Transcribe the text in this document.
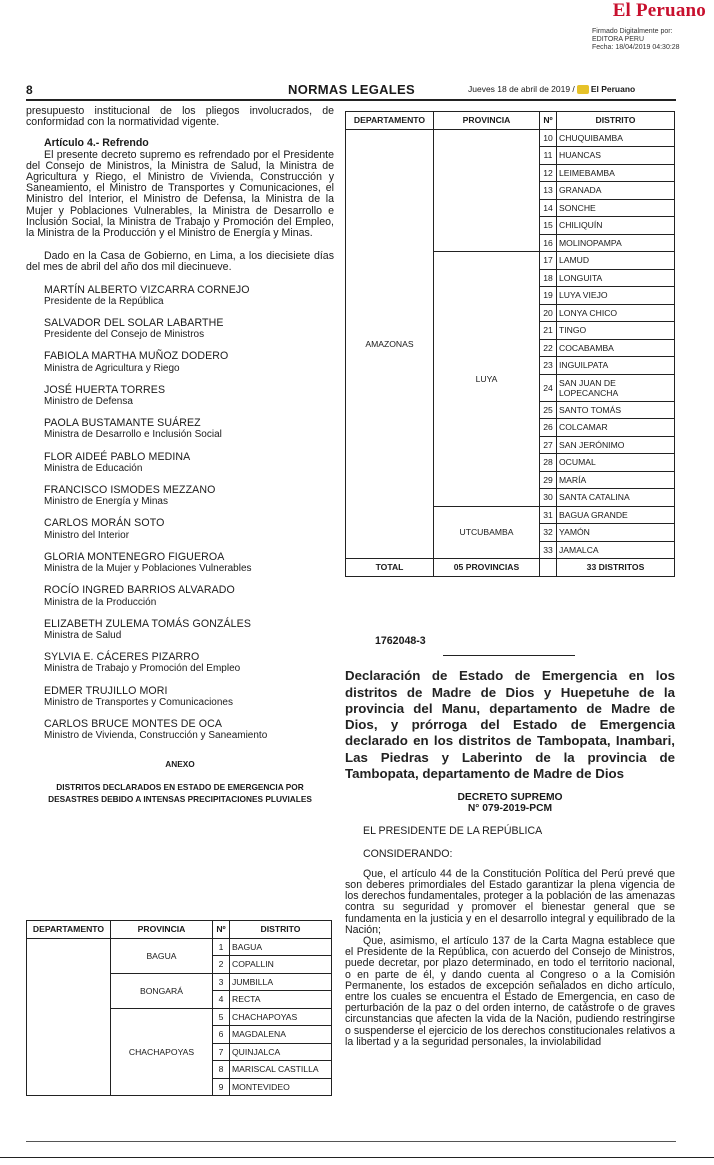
El Peruano
Firmado Digitalmente por:
EDITORA PERU
Fecha: 18/04/2019 04:30:28
8	NORMAS LEGALES	Jueves 18 de abril de 2019 / El Peruano

presupuesto institucional de los pliegos involucrados, de conformidad con la normatividad vigente.

Artículo 4.- Refrendo

El presente decreto supremo es refrendado por el Presidente del Consejo de Ministros, la Ministra de Salud, la Ministra de Agricultura y Riego, el Ministro de Vivienda, Construcción y Saneamiento, el Ministro de Transportes y Comunicaciones, el Ministro del Interior, el Ministro de Defensa, la Ministra de la Mujer y Poblaciones Vulnerables, la Ministra de Desarrollo e Inclusión Social, la Ministra de Trabajo y Promoción del Empleo, la Ministra de la Producción y el Ministro de Energía y Minas.

Dado en la Casa de Gobierno, en Lima, a los diecisiete días del mes de abril del año dos mil diecinueve.

MARTÍN ALBERTO VIZCARRA CORNEJO
Presidente de la República
SALVADOR DEL SOLAR LABARTHE
Presidente del Consejo de Ministros
FABIOLA MARTHA MUÑOZ DODERO
Ministra de Agricultura y Riego
JOSÉ HUERTA TORRES
Ministro de Defensa
PAOLA BUSTAMANTE SUÁREZ
Ministra de Desarrollo e Inclusión Social
FLOR AIDEÉ PABLO MEDINA
Ministra de Educación
FRANCISCO ISMODES MEZZANO
Ministro de Energía y Minas
CARLOS MORÁN SOTO
Ministro del Interior
GLORIA MONTENEGRO FIGUEROA
Ministra de la Mujer y Poblaciones Vulnerables
ROCÍO INGRED BARRIOS ALVARADO
Ministra de la Producción
ELIZABETH ZULEMA TOMÁS GONZÁLES
Ministra de Salud
SYLVIA E. CÁCERES PIZARRO
Ministra de Trabajo y Promoción del Empleo
EDMER TRUJILLO MORI
Ministro de Transportes y Comunicaciones
CARLOS BRUCE MONTES DE OCA
Ministro de Vivienda, Construcción y Saneamiento
ANEXO
DISTRITOS DECLARADOS EN ESTADO DE EMERGENCIA POR
DESASTRES DEBIDO A INTENSAS PRECIPITACIONES PLUVIALES
DEPARTAMENTO	PROVINCIA	Nº	DISTRITO
	BAGUA	1	BAGUA
		2	COPALLIN
	BONGARÁ	3	JUMBILLA
		4	RECTA
	CHACHAPOYAS	5	CHACHAPOYAS
		6	MAGDALENA
		7	QUINJALCA
		8	MARISCAL CASTILLA
		9	MONTEVIDEO
DEPARTAMENTO	PROVINCIA	Nº	DISTRITO
AMAZONAS		10	CHUQUIBAMBA
		11	HUANCAS
		12	LEIMEBAMBA
		13	GRANADA
		14	SONCHE
		15	CHILIQUÍN
		16	MOLINOPAMPA
	LUYA	17	LAMUD
		18	LONGUITA
		19	LUYA VIEJO
		20	LONYA CHICO
		21	TINGO
		22	COCABAMBA
		23	INGUILPATA
		24	SAN JUAN DE LOPECANCHA
		25	SANTO TOMÁS
		26	COLCAMAR
		27	SAN JERÓNIMO
		28	OCUMAL
		29	MARÍA
		30	SANTA CATALINA
	UTCUBAMBA	31	BAGUA GRANDE
		32	YAMÓN
		33	JAMALCA
TOTAL	05 PROVINCIAS		33 DISTRITOS
1762048-3
Declaración de Estado de Emergencia en los distritos de Madre de Dios y Huepetuhe de la provincia del Manu, departamento de Madre de Dios, y prórroga del Estado de Emergencia declarado en los distritos de Tambopata, Inambari, Las Piedras y Laberinto de la provincia de Tambopata, departamento de Madre de Dios
DECRETO SUPREMO
N° 079-2019-PCM

EL PRESIDENTE DE LA REPÚBLICA

CONSIDERANDO:

Que, el artículo 44 de la Constitución Política del Perú prevé que son deberes primordiales del Estado garantizar la plena vigencia de los derechos fundamentales, proteger a la población de las amenazas contra su seguridad y promover el bienestar general que se fundamenta en la justicia y en el desarrollo integral y equilibrado de la Nación;

Que, asimismo, el artículo 137 de la Carta Magna establece que el Presidente de la República, con acuerdo del Consejo de Ministros, puede decretar, por plazo determinado, en todo el territorio nacional, o en parte de él, y dando cuenta al Congreso o a la Comisión Permanente, los estados de excepción señalados en dicho artículo, entre los cuales se encuentra el Estado de Emergencia, en caso de perturbación de la paz o del orden interno, de catástrofe o de graves circunstancias que afecten la vida de la Nación, pudiendo restringirse o suspenderse el ejercicio de los derechos constitucionales relativos a la libertad y a la seguridad personales, la inviolabilidad
